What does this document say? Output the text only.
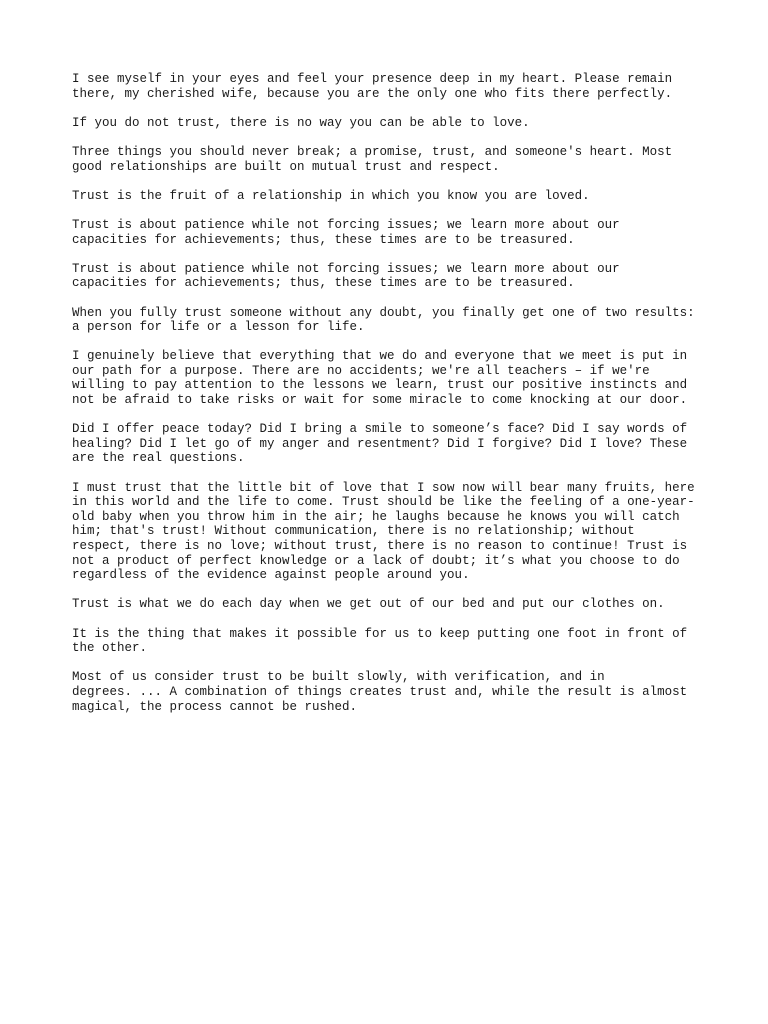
I see myself in your eyes and feel your presence deep in my heart. Please remain
there, my cherished wife, because you are the only one who fits there perfectly.

If you do not trust, there is no way you can be able to love.

Three things you should never break; a promise, trust, and someone's heart. Most
good relationships are built on mutual trust and respect.

Trust is the fruit of a relationship in which you know you are loved.

Trust is about patience while not forcing issues; we learn more about our
capacities for achievements; thus, these times are to be treasured.

Trust is about patience while not forcing issues; we learn more about our
capacities for achievements; thus, these times are to be treasured.

When you fully trust someone without any doubt, you finally get one of two results:
a person for life or a lesson for life.

I genuinely believe that everything that we do and everyone that we meet is put in
our path for a purpose. There are no accidents; we're all teachers – if we're
willing to pay attention to the lessons we learn, trust our positive instincts and
not be afraid to take risks or wait for some miracle to come knocking at our door.

Did I offer peace today? Did I bring a smile to someone’s face? Did I say words of
healing? Did I let go of my anger and resentment? Did I forgive? Did I love? These
are the real questions.

I must trust that the little bit of love that I sow now will bear many fruits, here
in this world and the life to come. Trust should be like the feeling of a one-year-
old baby when you throw him in the air; he laughs because he knows you will catch
him; that's trust! Without communication, there is no relationship; without
respect, there is no love; without trust, there is no reason to continue! Trust is
not a product of perfect knowledge or a lack of doubt; it’s what you choose to do
regardless of the evidence against people around you.

Trust is what we do each day when we get out of our bed and put our clothes on.

It is the thing that makes it possible for us to keep putting one foot in front of
the other.

Most of us consider trust to be built slowly, with verification, and in
degrees. ... A combination of things creates trust and, while the result is almost
magical, the process cannot be rushed.
